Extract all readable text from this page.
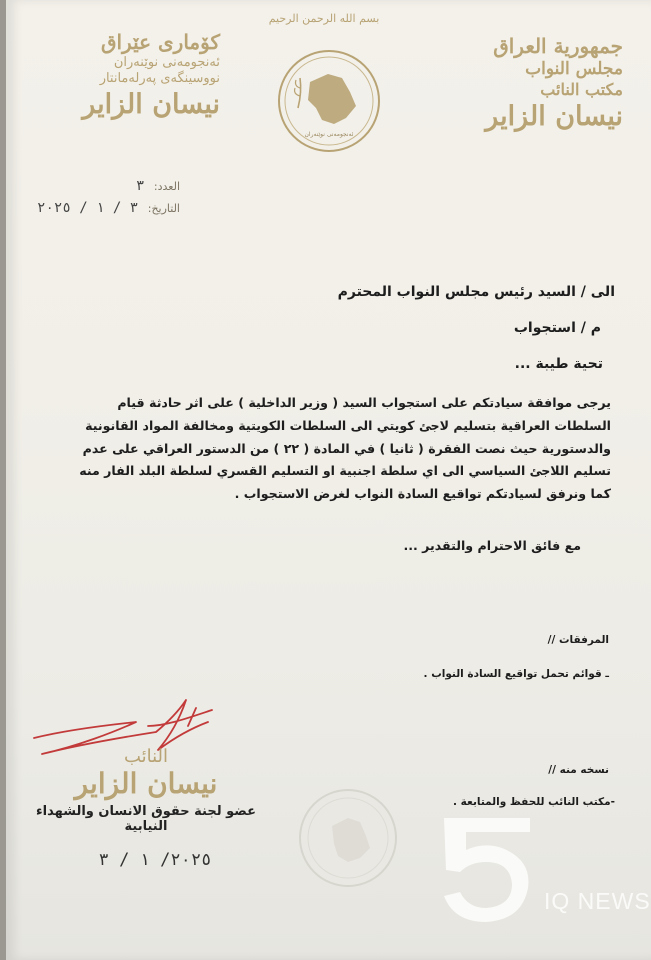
بسم الله الرحمن الرحيم
جمهورية العراق
مجلس النواب
مكتب النائب
نيسان الزاير
كۆماری عێراق
ئەنجومەنی نوێنەران
نووسینگەی پەرلەمانتار
نيسان الزاير
ئەنجومەنی نوێنەران
العدد: ٣
التاريخ: ٣ / ١ / ٢٠٢٥
الى / السيد رئيس مجلس النواب المحترم
م / استجواب
تحية طيبة ...
يرجى موافقة سيادتكم على استجواب السيد ( وزير الداخلية ) على اثر حادثة قيام
السلطات العراقية بتسليم لاجئ كويتي الى السلطات الكويتية ومخالفة المواد القانونية
والدستورية حيث نصت الفقرة ( ثانيا ) في المادة ( ٢٢ ) من الدستور العراقي على عدم
تسليم اللاجئ السياسي الى اي سلطة اجنبية او التسليم القسري لسلطة البلد الفار منه
كما ونرفق لسيادتكم تواقيع السادة النواب لغرض الاستجواب .
مع فائق الاحترام والتقدير ...
المرفقات //
ـ قوائم تحمل تواقيع السادة النواب .
نسخه منه //
-مكتب النائب للحفظ والمتابعة .
النائب
نيسان الزاير
عضو لجنة حقوق الانسان والشهداء النيابية
٢٠٢٥/ ١ / ٣
IQ NEWS
